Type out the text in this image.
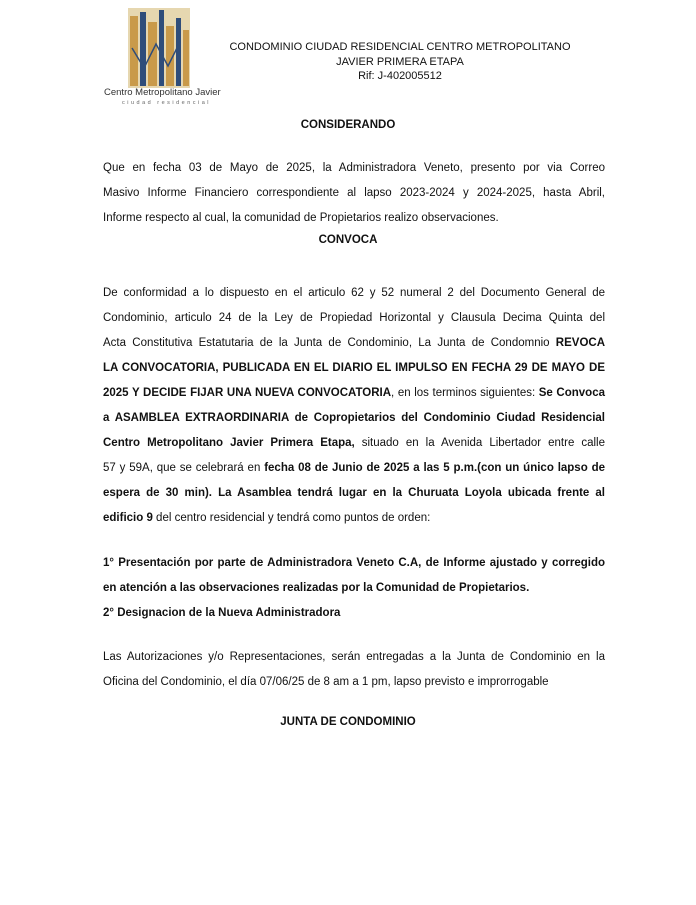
Centro Metropolitano Javier
ciudad residencial
CONDOMINIO CIUDAD RESIDENCIAL CENTRO METROPOLITANO
JAVIER PRIMERA ETAPA
Rif: J-402005512
CONSIDERANDO
Que en fecha 03 de Mayo de 2025, la Administradora Veneto, presento por via Correo
Masivo Informe Financiero correspondiente al lapso 2023-2024 y 2024-2025, hasta Abril,
Informe respecto al cual, la comunidad de Propietarios realizo observaciones.
CONVOCA
De conformidad a lo dispuesto en el articulo 62 y 52 numeral 2 del Documento General de
Condominio, articulo 24 de la Ley de Propiedad Horizontal y Clausula Decima Quinta del
Acta Constitutiva Estatutaria de la Junta de Condominio, La Junta de Condomnio REVOCA
LA CONVOCATORIA, PUBLICADA EN EL DIARIO EL IMPULSO EN FECHA 29 DE MAYO DE
2025 Y DECIDE FIJAR UNA NUEVA CONVOCATORIA, en los terminos siguientes: Se Convoca
a ASAMBLEA EXTRAORDINARIA de Copropietarios del Condominio Ciudad Residencial
Centro Metropolitano Javier Primera Etapa, situado en la Avenida Libertador entre calle
57 y 59A, que se celebrará en fecha 08 de Junio de 2025 a las 5 p.m.(con un único lapso de
espera de 30 min). La Asamblea tendrá lugar en la Churuata Loyola ubicada frente al
edificio 9 del centro residencial y tendrá como puntos de orden:
1° Presentación por parte de Administradora Veneto C.A, de Informe ajustado y corregido
en atención a las observaciones realizadas por la Comunidad de Propietarios.
2° Designacion de la Nueva Administradora
Las Autorizaciones y/o Representaciones, serán entregadas a la Junta de Condominio en la
Oficina del Condominio, el día 07/06/25 de 8 am a 1 pm, lapso previsto e improrrogable
JUNTA DE CONDOMINIO
